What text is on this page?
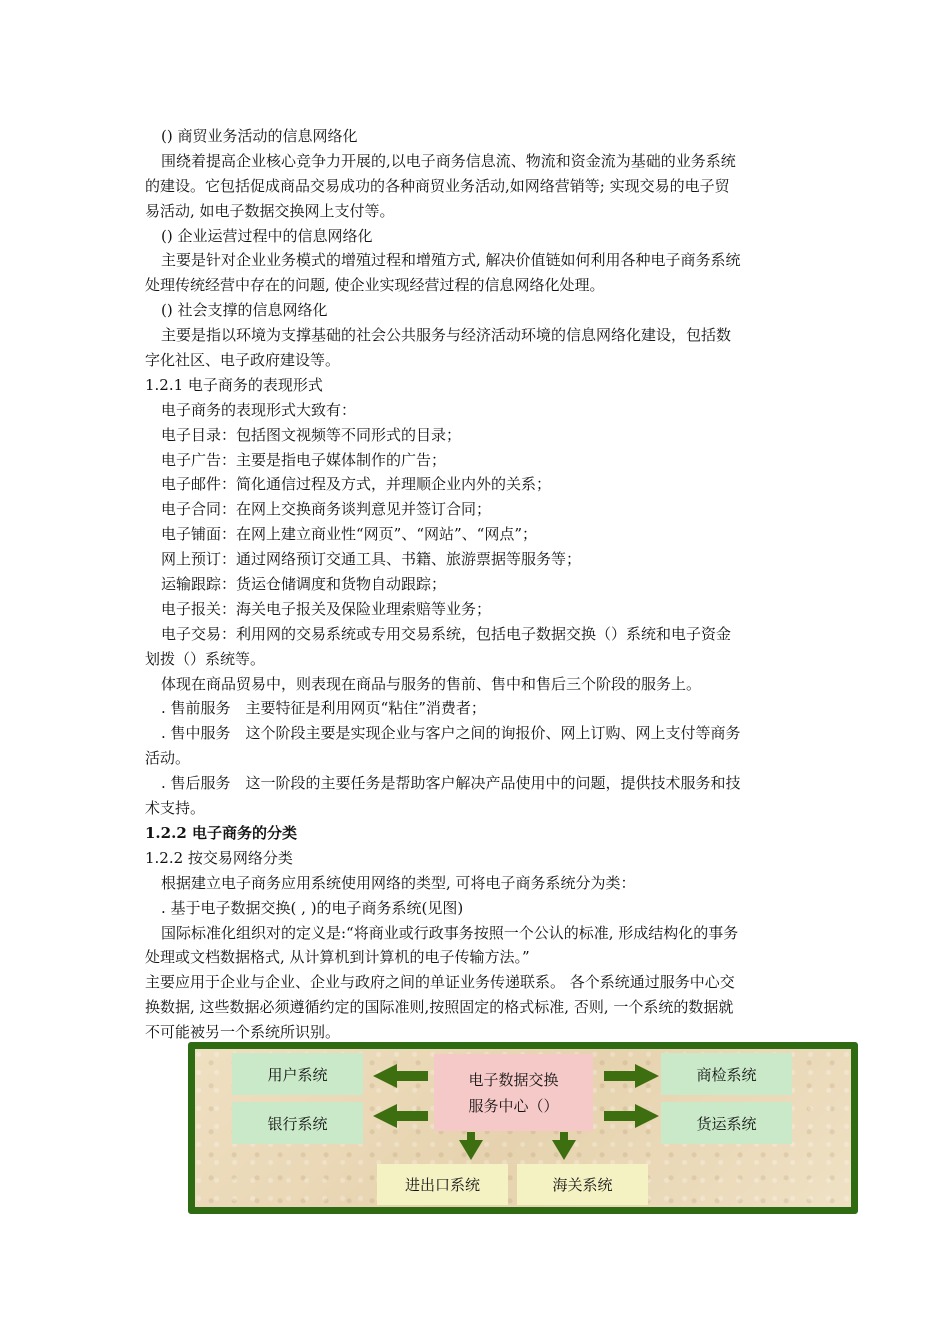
() 商贸业务活动的信息网络化
围绕着提高企业核心竞争力开展的,以电子商务信息流、物流和资金流为基础的业务系统
的建设。它包括促成商品交易成功的各种商贸业务活动,如网络营销等; 实现交易的电子贸
易活动, 如电子数据交换网上支付等。
() 企业运营过程中的信息网络化
主要是针对企业业务模式的增殖过程和增殖方式, 解决价值链如何利用各种电子商务系统
处理传统经营中存在的问题, 使企业实现经营过程的信息网络化处理。
() 社会支撑的信息网络化
主要是指以环境为支撑基础的社会公共服务与经济活动环境的信息网络化建设，包括数
字化社区、电子政府建设等。
1.2.1 电子商务的表现形式
电子商务的表现形式大致有：
电子目录：包括图文视频等不同形式的目录；
电子广告：主要是指电子媒体制作的广告；
电子邮件：简化通信过程及方式，并理顺企业内外的关系；
电子合同：在网上交换商务谈判意见并签订合同；
电子铺面：在网上建立商业性“网页”、“网站”、“网点”；
网上预订：通过网络预订交通工具、书籍、旅游票据等服务等；
运输跟踪：货运仓储调度和货物自动跟踪；
电子报关：海关电子报关及保险业理索赔等业务；
电子交易：利用网的交易系统或专用交易系统，包括电子数据交换（）系统和电子资金
划拨（）系统等。
体现在商品贸易中，则表现在商品与服务的售前、售中和售后三个阶段的服务上。
. 售前服务　主要特征是利用网页“粘住”消费者；
. 售中服务　这个阶段主要是实现企业与客户之间的询报价、网上订购、网上支付等商务
活动。
. 售后服务　这一阶段的主要任务是帮助客户解决产品使用中的问题，提供技术服务和技
术支持。
1.2.2 电子商务的分类
1.2.2 按交易网络分类
根据建立电子商务应用系统使用网络的类型, 可将电子商务系统分为类：
. 基于电子数据交换( , )的电子商务系统(见图)
国际标准化组织对的定义是:“将商业或行政事务按照一个公认的标准, 形成结构化的事务
处理或文档数据格式, 从计算机到计算机的电子传输方法。”
主要应用于企业与企业、企业与政府之间的单证业务传递联系。 各个系统通过服务中心交
换数据, 这些数据必须遵循约定的国际准则,按照固定的格式标准, 否则, 一个系统的数据就
不可能被另一个系统所识别。
用户系统
银行系统
电子数据交换
服务中心（）
商检系统
货运系统
进出口系统	海关系统
